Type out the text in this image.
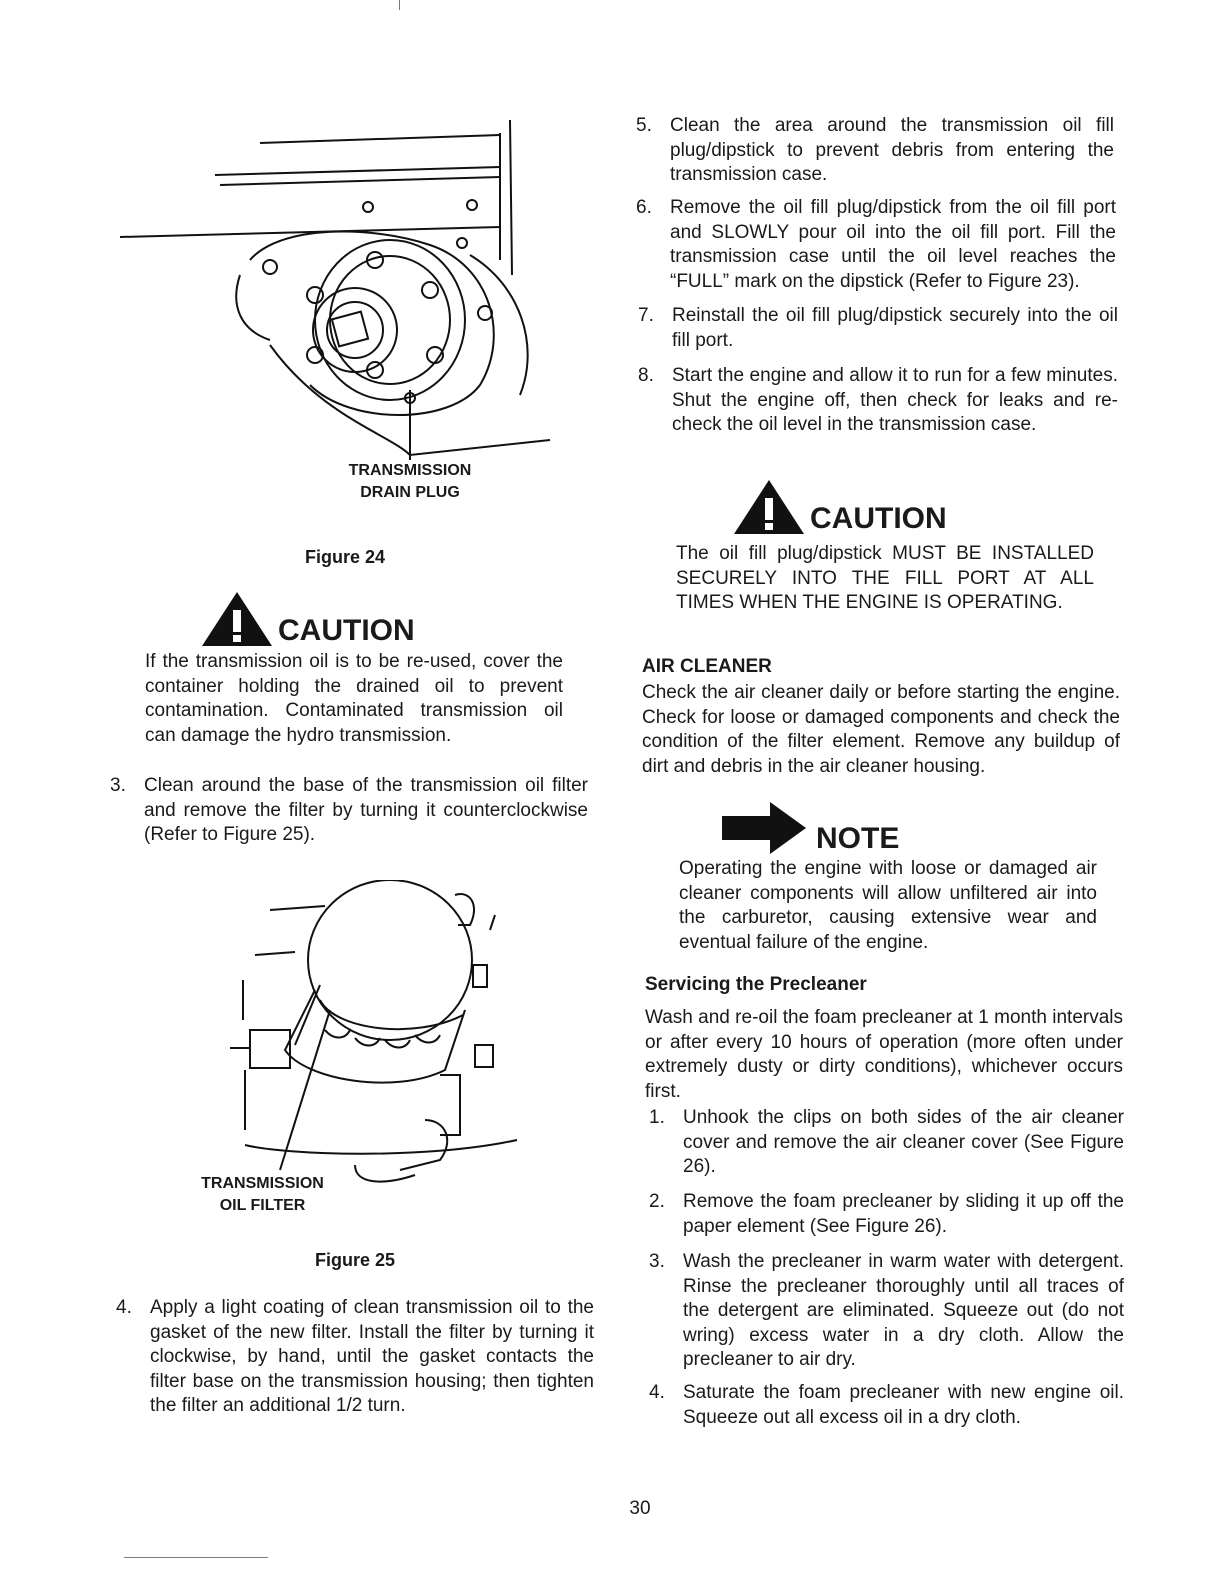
TRANSMISSION
DRAIN PLUG
Figure 24
CAUTION

If the transmission oil is to be re-used, cover the container holding the drained oil to prevent contamination. Contaminated transmission oil can damage the hydro transmission.

3. Clean around the base of the transmission oil filter and remove the filter by turning it counterclockwise (Refer to Figure 25).
TRANSMISSION
OIL FILTER
Figure 25
4. Apply a light coating of clean transmission oil to the gasket of the new filter. Install the filter by turning it clockwise, by hand, until the gasket contacts the filter base on the transmission housing; then tighten the filter an additional 1/2 turn.
5. Clean the area around the transmission oil fill plug/dipstick to prevent debris from entering the transmission case.
6. Remove the oil fill plug/dipstick from the oil fill port and SLOWLY pour oil into the oil fill port. Fill the transmission case until the oil level reaches the “FULL” mark on the dipstick (Refer to Figure 23).
7. Reinstall the oil fill plug/dipstick securely into the oil fill port.
8. Start the engine and allow it to run for a few minutes. Shut the engine off, then check for leaks and re-check the oil level in the transmission case.
CAUTION

The oil fill plug/dipstick MUST BE INSTALLED SECURELY INTO THE FILL PORT AT ALL TIMES WHEN THE ENGINE IS OPERATING.

AIR CLEANER

Check the air cleaner daily or before starting the engine. Check for loose or damaged components and check the condition of the filter element. Remove any buildup of dirt and debris in the air cleaner housing.

NOTE

Operating the engine with loose or damaged air cleaner components will allow unfiltered air into the carburetor, causing extensive wear and eventual failure of the engine.

Servicing the Precleaner

Wash and re-oil the foam precleaner at 1 month intervals or after every 10 hours of operation (more often under extremely dusty or dirty conditions), whichever occurs first.

1. Unhook the clips on both sides of the air cleaner cover and remove the air cleaner cover (See Figure 26).
2. Remove the foam precleaner by sliding it up off the paper element (See Figure 26).
3. Wash the precleaner in warm water with detergent. Rinse the precleaner thoroughly until all traces of the detergent are eliminated. Squeeze out (do not wring) excess water in a dry cloth. Allow the precleaner to air dry.
4. Saturate the foam precleaner with new engine oil. Squeeze out all excess oil in a dry cloth.
30
